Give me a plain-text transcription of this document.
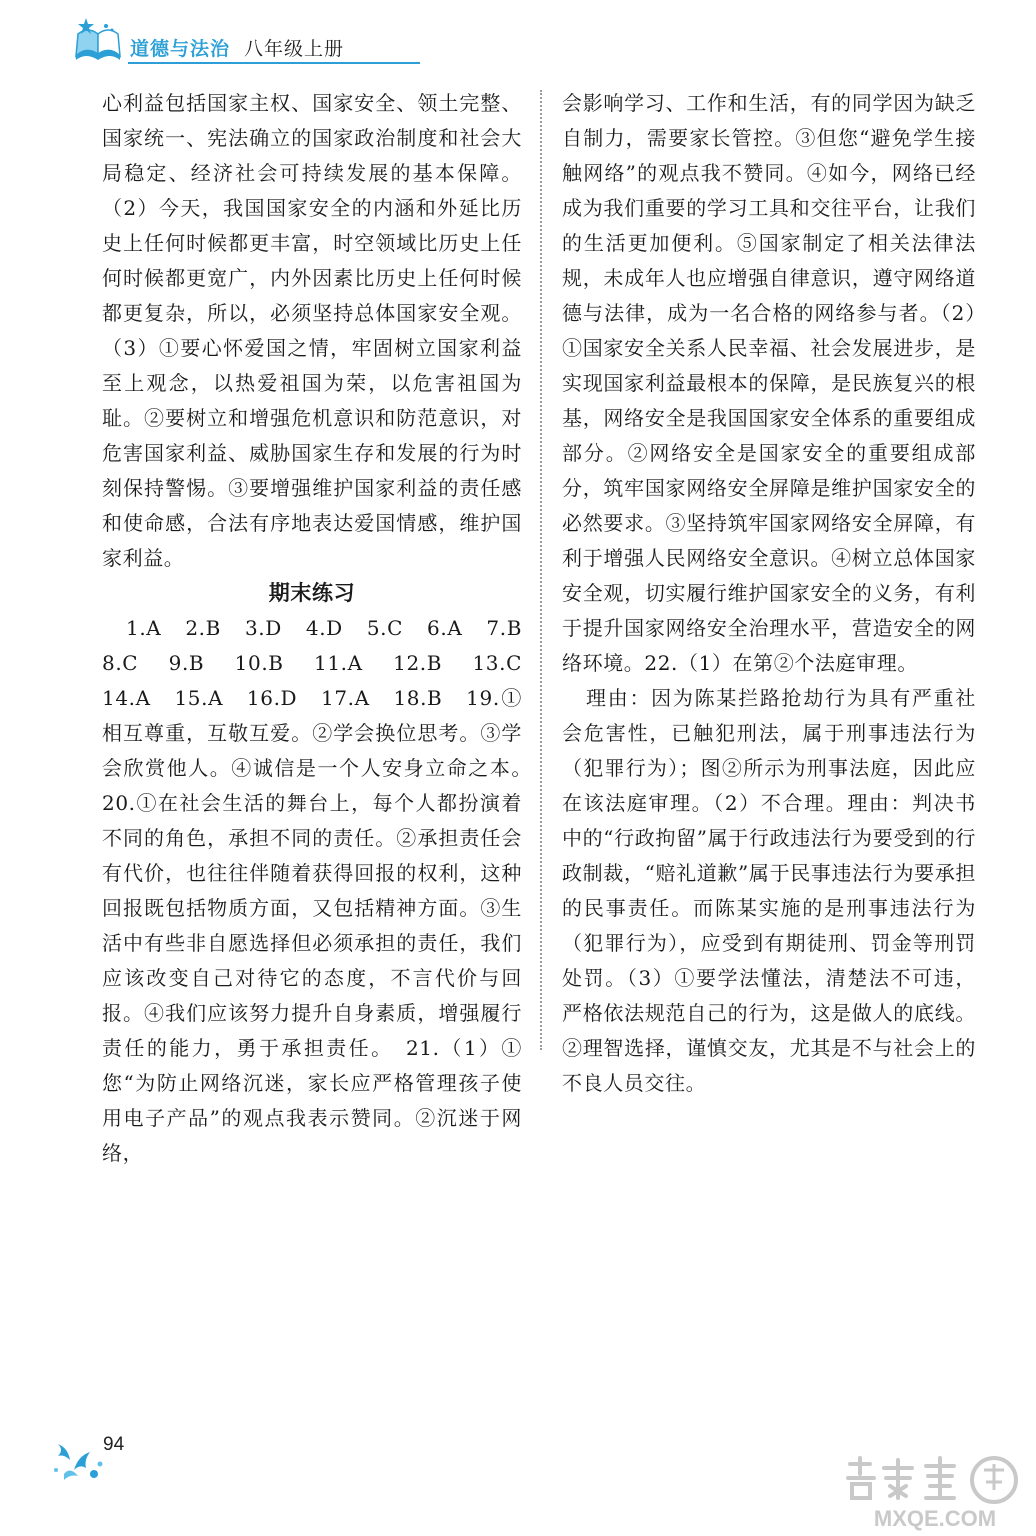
道德与法治 八年级上册

心利益包括国家主权、国家安全、领土完整、国家统一、宪法确立的国家政治制度和社会大局稳定、经济社会可持续发展的基本保障。（2）今天，我国国家安全的内涵和外延比历史上任何时候都更丰富，时空领域比历史上任何时候都更宽广，内外因素比历史上任何时候都更复杂，所以，必须坚持总体国家安全观。（3）①要心怀爱国之情，牢固树立国家利益至上观念，以热爱祖国为荣，以危害祖国为耻。②要树立和增强危机意识和防范意识，对危害国家利益、威胁国家生存和发展的行为时刻保持警惕。③要增强维护国家利益的责任感和使命感，合法有序地表达爱国情感，维护国家利益。

期末练习

1.A　2.B　3.D　4.D　5.C　6.A　7.B　8.C　9.B　10.B　11.A　12.B　13.C　14.A　15.A　16.D　17.A　18.B　19.①相互尊重，互敬互爱。②学会换位思考。③学会欣赏他人。④诚信是一个人安身立命之本。　20.①在社会生活的舞台上，每个人都扮演着不同的角色，承担不同的责任。②承担责任会有代价，也往往伴随着获得回报的权利，这种回报既包括物质方面，又包括精神方面。③生活中有些非自愿选择但必须承担的责任，我们应该改变自己对待它的态度，不言代价与回报。④我们应该努力提升自身素质，增强履行责任的能力，勇于承担责任。　21.（1）①您“为防止网络沉迷，家长应严格管理孩子使用电子产品”的观点我表示赞同。②沉迷于网络，

会影响学习、工作和生活，有的同学因为缺乏自制力，需要家长管控。③但您“避免学生接触网络”的观点我不赞同。④如今，网络已经成为我们重要的学习工具和交往平台，让我们的生活更加便利。⑤国家制定了相关法律法规，未成年人也应增强自律意识，遵守网络道德与法律，成为一名合格的网络参与者。（2）①国家安全关系人民幸福、社会发展进步，是实现国家利益最根本的保障，是民族复兴的根基，网络安全是我国国家安全体系的重要组成部分。②网络安全是国家安全的重要组成部分，筑牢国家网络安全屏障是维护国家安全的必然要求。③坚持筑牢国家网络安全屏障，有利于增强人民网络安全意识。④树立总体国家安全观，切实履行维护国家安全的义务，有利于提升国家网络安全治理水平，营造安全的网络环境。22.（1）在第②个法庭审理。

理由：因为陈某拦路抢劫行为具有严重社会危害性，已触犯刑法，属于刑事违法行为（犯罪行为）；图②所示为刑事法庭，因此应在该法庭审理。（2）不合理。理由：判决书中的“行政拘留”属于行政违法行为要受到的行政制裁，“赔礼道歉”属于民事违法行为要承担的民事责任。而陈某实施的是刑事违法行为（犯罪行为），应受到有期徒刑、罚金等刑罚处罚。（3）①要学法懂法，清楚法不可违，严格依法规范自己的行为，这是做人的底线。②理智选择，谨慎交友，尤其是不与社会上的不良人员交往。

94
MXQE.COM
